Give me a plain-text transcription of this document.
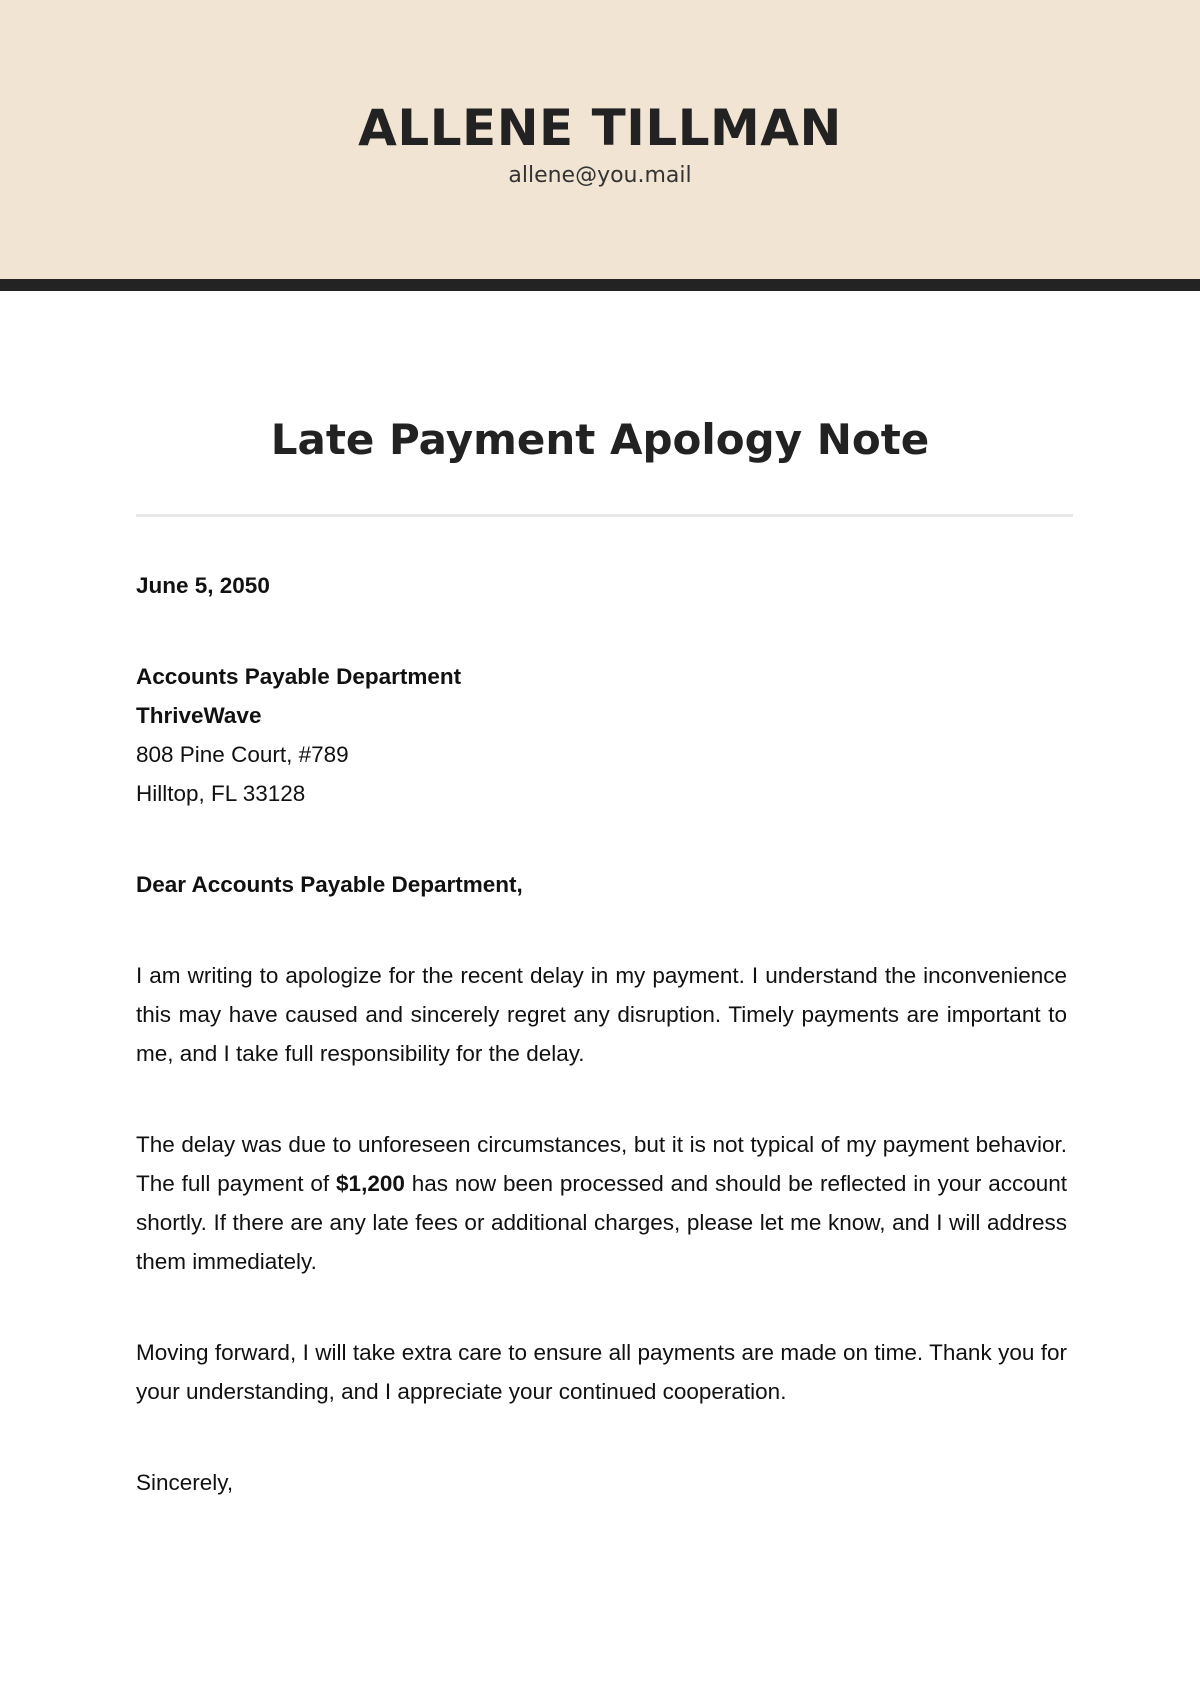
ALLENE TILLMAN
allene@you.mail
Late Payment Apology Note
June 5, 2050
Accounts Payable Department
ThriveWave
808 Pine Court, #789
Hilltop, FL 33128
Dear Accounts Payable Department,

I am writing to apologize for the recent delay in my payment. I understand the inconvenience this may have caused and sincerely regret any disruption. Timely payments are important to me, and I take full responsibility for the delay.

The delay was due to unforeseen circumstances, but it is not typical of my payment behavior. The full payment of $1,200 has now been processed and should be reflected in your account shortly. If there are any late fees or additional charges, please let me know, and I will address them immediately.

Moving forward, I will take extra care to ensure all payments are made on time. Thank you for your understanding, and I appreciate your continued cooperation.

Sincerely,
